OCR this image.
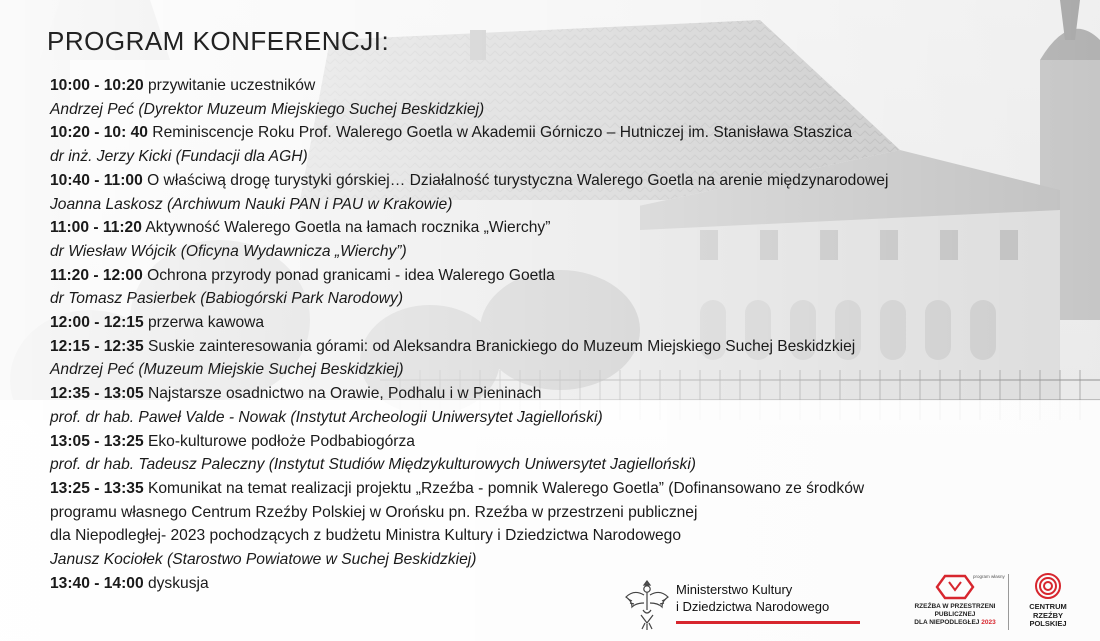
PROGRAM KONFERENCJI:
10:00 - 10:20 przywitanie uczestników
Andrzej Peć (Dyrektor Muzeum Miejskiego Suchej Beskidzkiej)
10:20 - 10: 40 Reminiscencje Roku Prof. Walerego Goetla w Akademii Górniczo – Hutniczej im. Stanisława Staszica
dr inż. Jerzy Kicki (Fundacji dla AGH)
10:40 - 11:00 O właściwą drogę turystyki górskiej… Działalność turystyczna Walerego Goetla na arenie międzynarodowej
Joanna Laskosz (Archiwum Nauki PAN i PAU w Krakowie)
11:00 - 11:20 Aktywność Walerego Goetla na łamach rocznika „Wierchy”
dr Wiesław Wójcik (Oficyna Wydawnicza „Wierchy”)
11:20 - 12:00 Ochrona przyrody ponad granicami - idea Walerego Goetla
dr Tomasz Pasierbek (Babiogórski Park Narodowy)
12:00 - 12:15 przerwa kawowa
12:15 - 12:35 Suskie zainteresowania górami: od Aleksandra Branickiego do Muzeum Miejskiego Suchej Beskidzkiej
Andrzej Peć (Muzeum Miejskie Suchej Beskidzkiej)
12:35 - 13:05 Najstarsze osadnictwo na Orawie, Podhalu i w Pieninach
prof. dr hab. Paweł Valde - Nowak (Instytut Archeologii Uniwersytet Jagielloński)
13:05 - 13:25 Eko-kulturowe podłoże Podbabiogórza
prof. dr hab. Tadeusz Paleczny (Instytut Studiów Międzykulturowych Uniwersytet Jagielloński)
13:25 - 13:35 Komunikat na temat realizacji projektu „Rzeźba - pomnik Walerego Goetla” (Dofinansowano ze środków
programu własnego Centrum Rzeźby Polskiej w Orońsku pn. Rzeźba w przestrzeni publicznej
dla Niepodległej- 2023 pochodzących z budżetu Ministra Kultury i Dziedzictwa Narodowego
Janusz Kociołek (Starostwo Powiatowe w Suchej Beskidzkiej)
13:40 - 14:00 dyskusja	Ministerstwo Kultury
i Dziedzictwa Narodowego	RZEŹBA W PRZESTRZENI
PUBLICZNEJ
DLA NIEPODLEGŁEJ 2023
program własny
CENTRUM
RZEŹBY
POLSKIEJ
